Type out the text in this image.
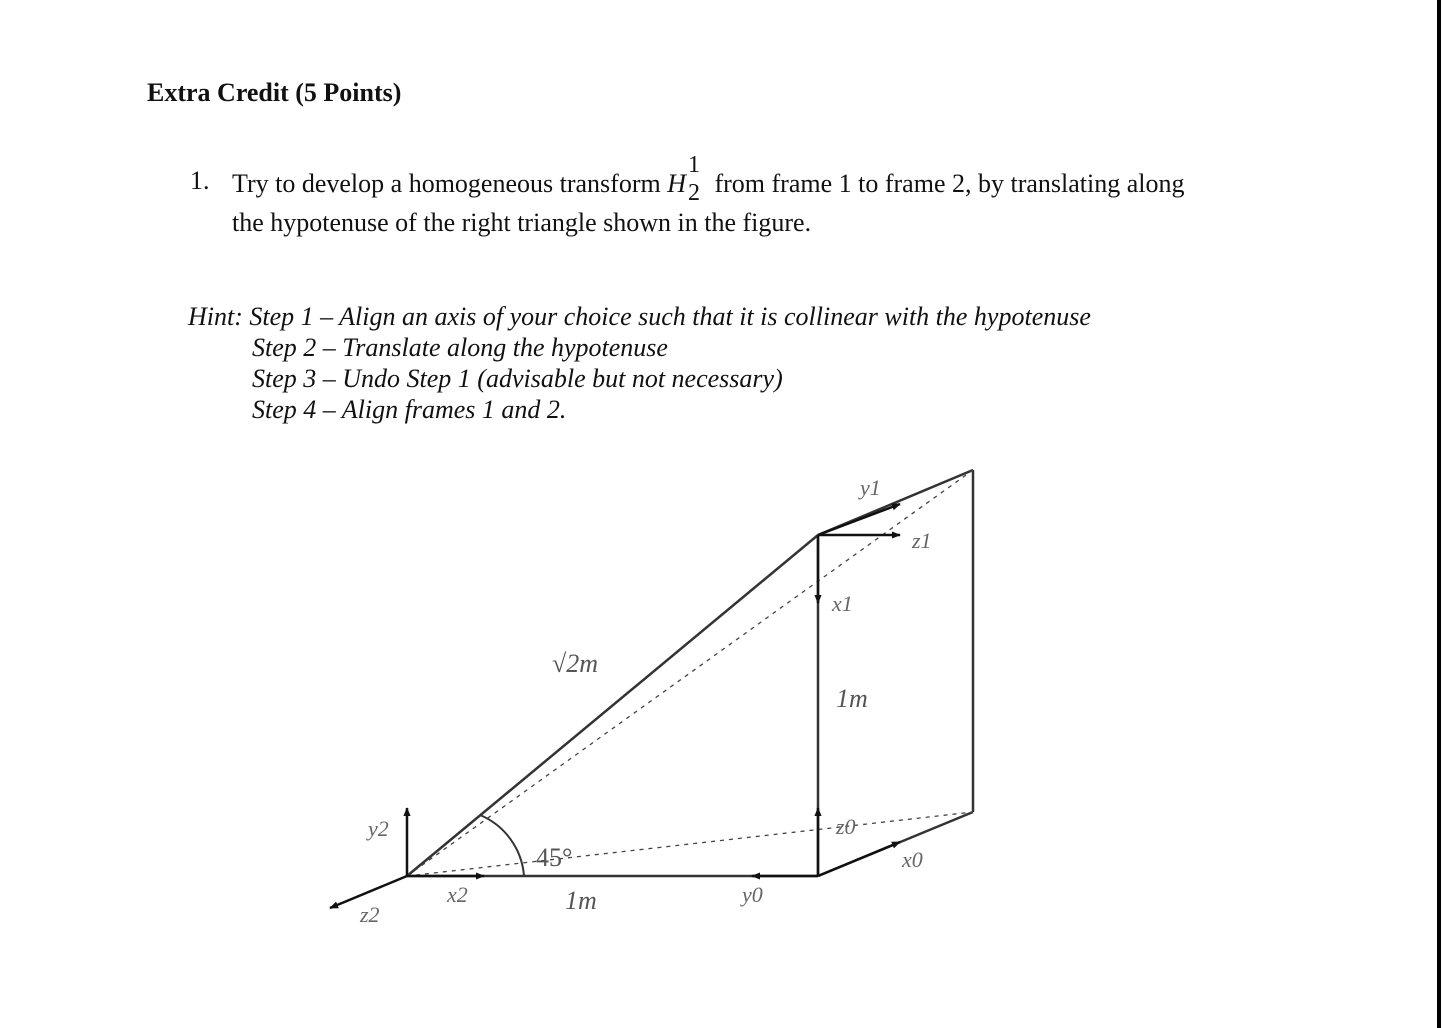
Extra Credit (5 Points)
1. Try to develop a homogeneous transform H
1
2 from frame 1 to frame 2, by translating along
the hypotenuse of the right triangle shown in the figure.
Hint: Step 1 – Align an axis of your choice such that it is collinear with the hypotenuse
Step 2 – Translate along the hypotenuse
Step 3 – Undo Step 1 (advisable but not necessary)
Step 4 – Align frames 1 and 2.
√2m
1m
1m
45°
y2
x2
z2
y0
z0
x0
y1
z1
x1
